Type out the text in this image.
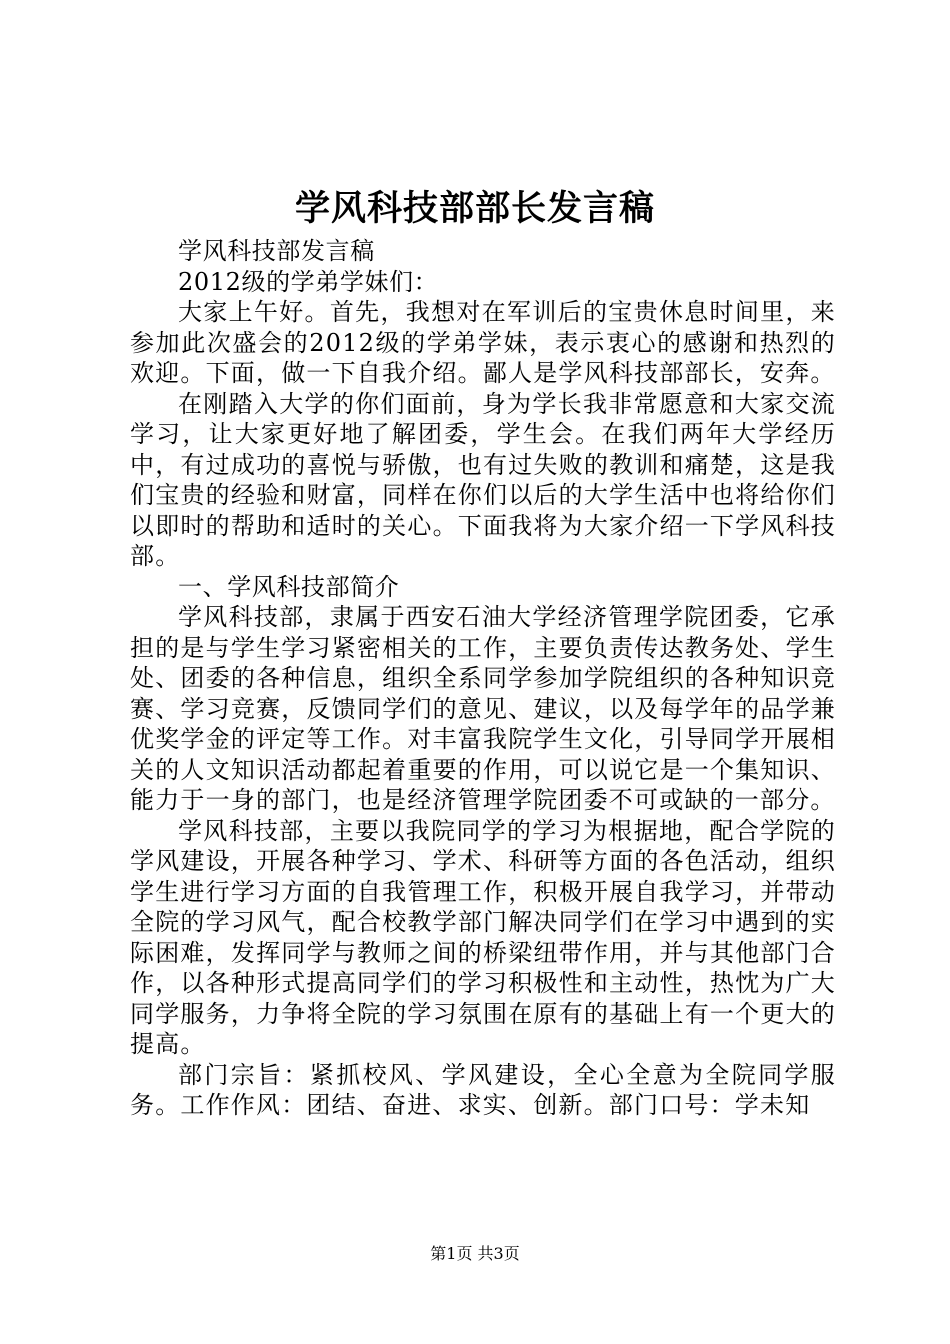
学风科技部部长发言稿

学风科技部发言稿

2012级的学弟学妹们：

大家上午好。首先，我想对在军训后的宝贵休息时间里，来参加此次盛会的2012级的学弟学妹，表示衷心的感谢和热烈的欢迎。下面，做一下自我介绍。鄙人是学风科技部部长，安奔。

在刚踏入大学的你们面前，身为学长我非常愿意和大家交流学习，让大家更好地了解团委，学生会。在我们两年大学经历中，有过成功的喜悦与骄傲，也有过失败的教训和痛楚，这是我们宝贵的经验和财富，同样在你们以后的大学生活中也将给你们以即时的帮助和适时的关心。下面我将为大家介绍一下学风科技部。

一、学风科技部简介

学风科技部，隶属于西安石油大学经济管理学院团委，它承担的是与学生学习紧密相关的工作，主要负责传达教务处、学生处、团委的各种信息，组织全系同学参加学院组织的各种知识竞赛、学习竞赛，反馈同学们的意见、建议，以及每学年的品学兼优奖学金的评定等工作。对丰富我院学生文化，引导同学开展相关的人文知识活动都起着重要的作用，可以说它是一个集知识、能力于一身的部门，也是经济管理学院团委不可或缺的一部分。

学风科技部，主要以我院同学的学习为根据地，配合学院的学风建设，开展各种学习、学术、科研等方面的各色活动，组织学生进行学习方面的自我管理工作，积极开展自我学习，并带动全院的学习风气，配合校教学部门解决同学们在学习中遇到的实际困难，发挥同学与教师之间的桥梁纽带作用，并与其他部门合作，以各种形式提高同学们的学习积极性和主动性，热忱为广大同学服务，力争将全院的学习氛围在原有的基础上有一个更大的提高。

部门宗旨：紧抓校风、学风建设，全心全意为全院同学服务。工作作风：团结、奋进、求实、创新。部门口号：学未知

第1页 共3页
